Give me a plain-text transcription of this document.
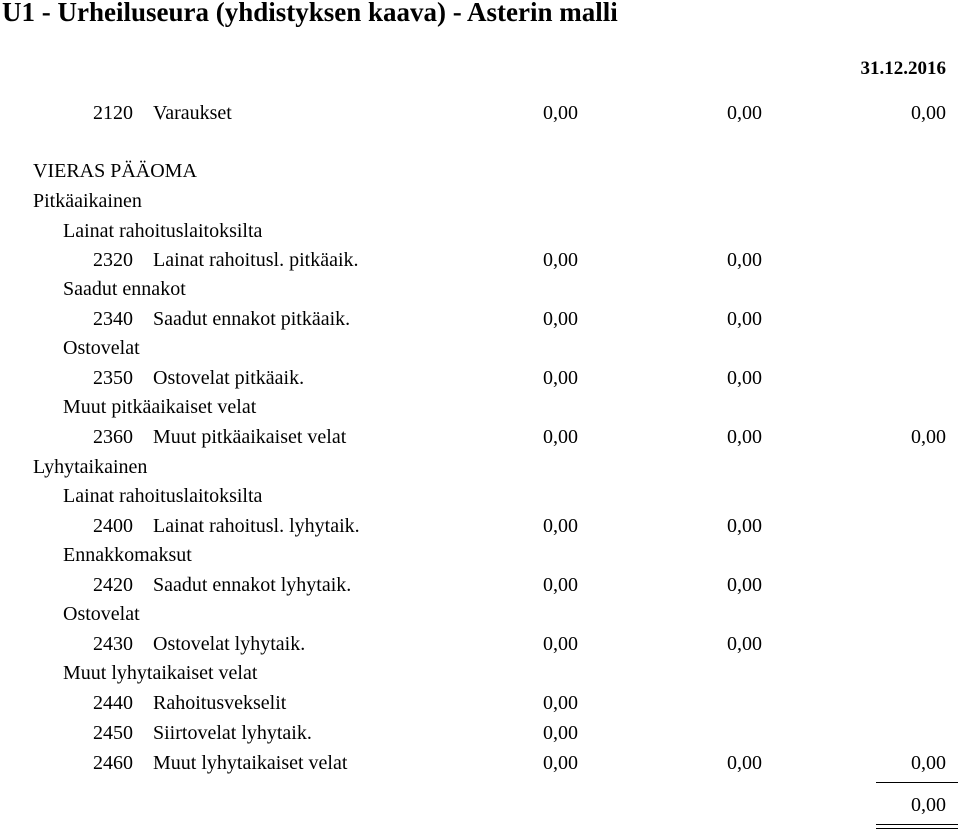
U1 - Urheiluseura (yhdistyksen kaava) - Asterin malli
31.12.2016
2120 Varaukset	0,00	0,00	0,00
VIERAS PÄÄOMA
Pitkäaikainen
Lainat rahoituslaitoksilta
2320 Lainat rahoitusl. pitkäaik.	0,00	0,00
Saadut ennakot
2340 Saadut ennakot pitkäaik.	0,00	0,00
Ostovelat
2350 Ostovelat pitkäaik.	0,00	0,00
Muut pitkäaikaiset velat
2360 Muut pitkäaikaiset velat	0,00	0,00	0,00
Lyhytaikainen
Lainat rahoituslaitoksilta
2400 Lainat rahoitusl. lyhytaik.	0,00	0,00
Ennakkomaksut
2420 Saadut ennakot lyhytaik.	0,00	0,00
Ostovelat
2430 Ostovelat lyhytaik.	0,00	0,00
Muut lyhytaikaiset velat
2440 Rahoitusvekselit	0,00
2450 Siirtovelat lyhytaik.	0,00
2460 Muut lyhytaikaiset velat	0,00	0,00	0,00
0,00
